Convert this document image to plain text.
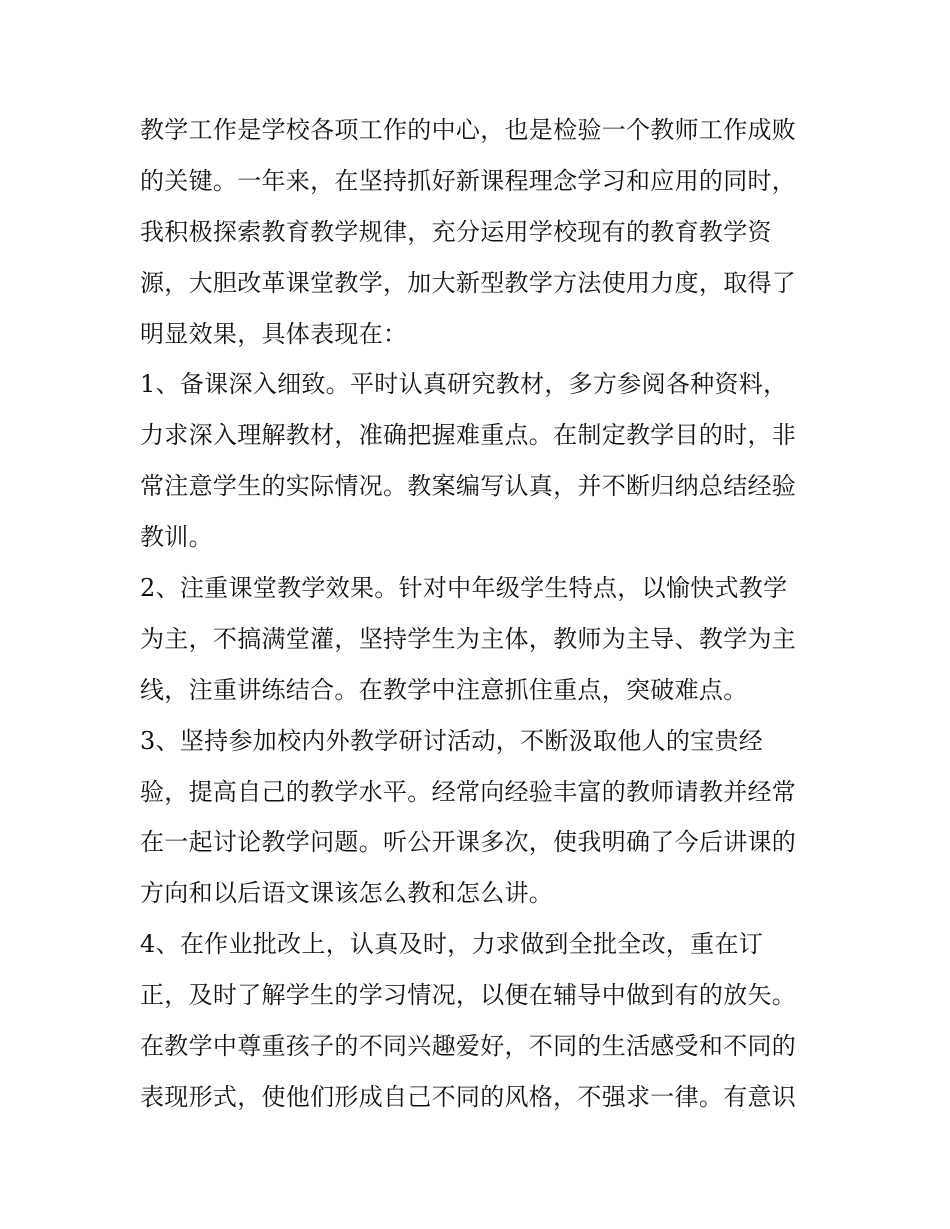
教学工作是学校各项工作的中心，也是检验一个教师工作成败
的关键。一年来，在坚持抓好新课程理念学习和应用的同时，
我积极探索教育教学规律，充分运用学校现有的教育教学资
源，大胆改革课堂教学，加大新型教学方法使用力度，取得了
明显效果，具体表现在：
1、备课深入细致。平时认真研究教材，多方参阅各种资料，
力求深入理解教材，准确把握难重点。在制定教学目的时，非
常注意学生的实际情况。教案编写认真，并不断归纳总结经验
教训。
2、注重课堂教学效果。针对中年级学生特点，以愉快式教学
为主，不搞满堂灌，坚持学生为主体，教师为主导、教学为主
线，注重讲练结合。在教学中注意抓住重点，突破难点。
3、坚持参加校内外教学研讨活动，不断汲取他人的宝贵经
验，提高自己的教学水平。经常向经验丰富的教师请教并经常
在一起讨论教学问题。听公开课多次，使我明确了今后讲课的
方向和以后语文课该怎么教和怎么讲。
4、在作业批改上，认真及时，力求做到全批全改，重在订
正，及时了解学生的学习情况，以便在辅导中做到有的放矢。
在教学中尊重孩子的不同兴趣爱好，不同的生活感受和不同的
表现形式，使他们形成自己不同的风格，不强求一律。有意识
